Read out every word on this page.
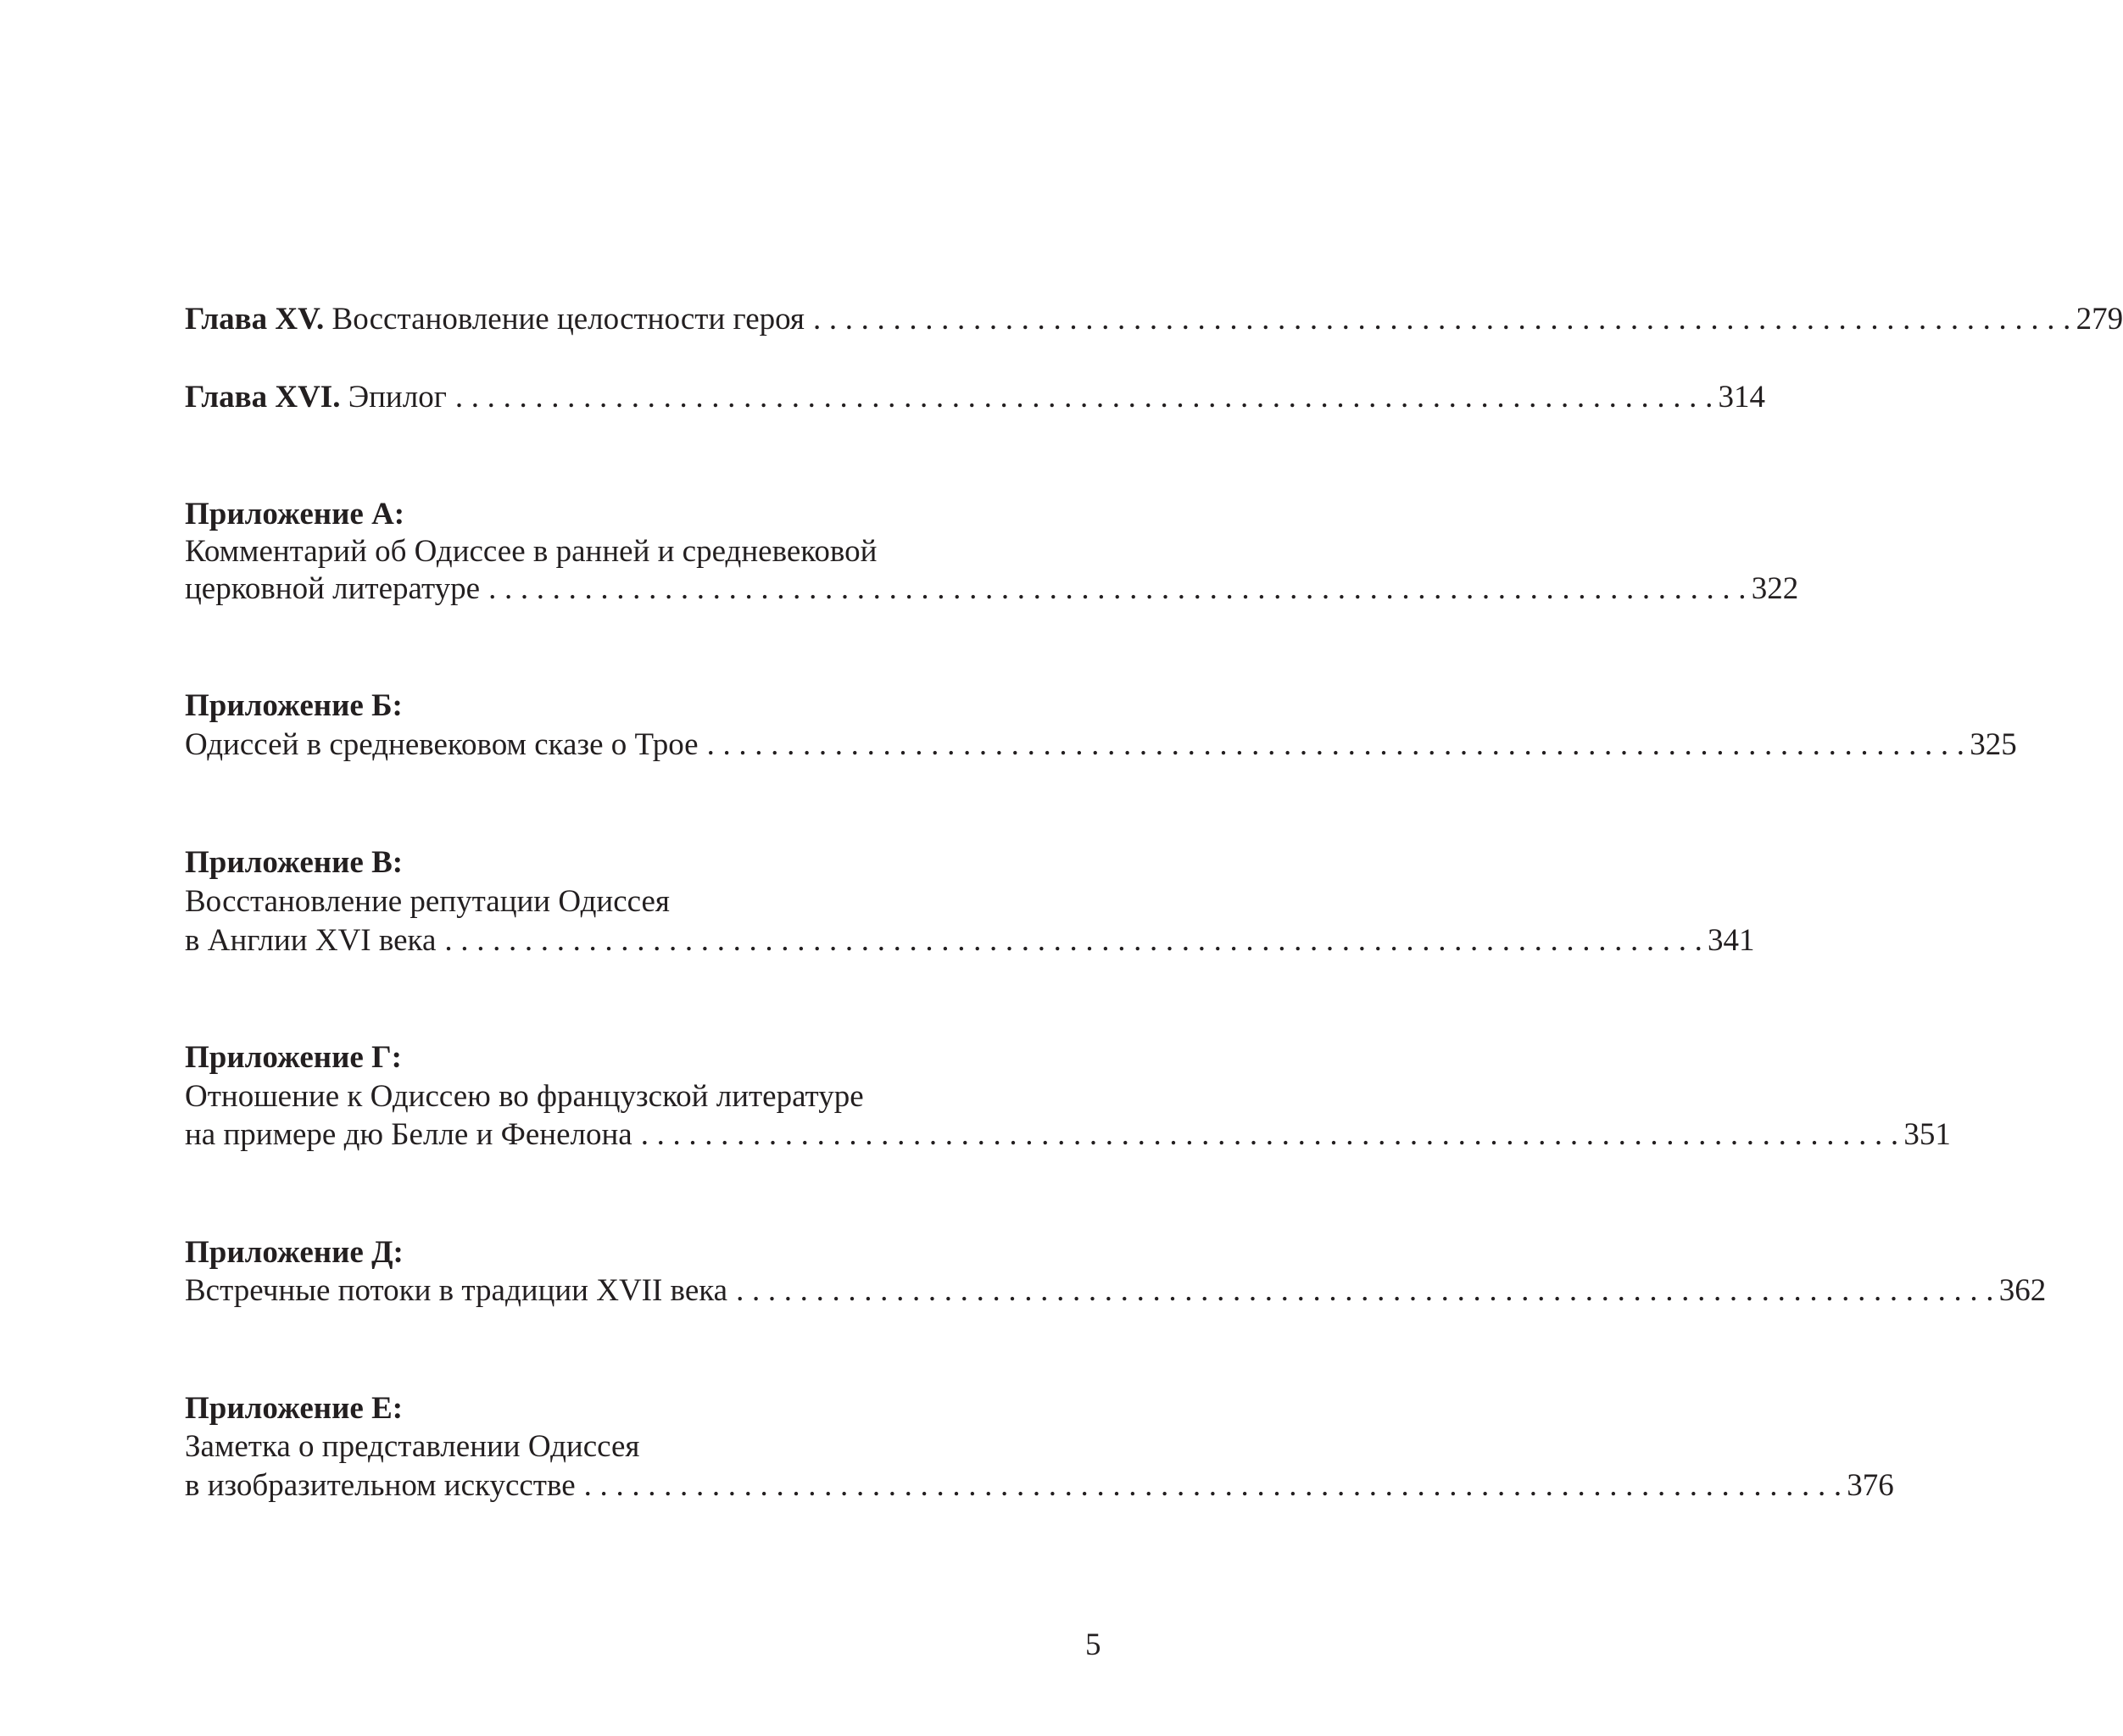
Глава XV. Восстановление целостности героя . . . . . . . . . . . . . . . . . . . . . . . . . . . . . . . . . . . . . . . . . . . . . . . . . . . . . . . . . . . . . . . . . . . . . . . . . . . . . . . 279
Глава XVI. Эпилог . . . . . . . . . . . . . . . . . . . . . . . . . . . . . . . . . . . . . . . . . . . . . . . . . . . . . . . . . . . . . . . . . . . . . . . . . . . . . . . 314
Приложение А:
Комментарий об Одиссее в ранней и средневековой
церковной литературе . . . . . . . . . . . . . . . . . . . . . . . . . . . . . . . . . . . . . . . . . . . . . . . . . . . . . . . . . . . . . . . . . . . . . . . . . . . . . . . 322
Приложение Б:
Одиссей в средневековом сказе о Трое . . . . . . . . . . . . . . . . . . . . . . . . . . . . . . . . . . . . . . . . . . . . . . . . . . . . . . . . . . . . . . . . . . . . . . . . . . . . . . . 325
Приложение В:
Восстановление репутации Одиссея
в Англии XVI века . . . . . . . . . . . . . . . . . . . . . . . . . . . . . . . . . . . . . . . . . . . . . . . . . . . . . . . . . . . . . . . . . . . . . . . . . . . . . . . 341
Приложение Г:
Отношение к Одиссею во французской литературе
на примере дю Белле и Фенелона . . . . . . . . . . . . . . . . . . . . . . . . . . . . . . . . . . . . . . . . . . . . . . . . . . . . . . . . . . . . . . . . . . . . . . . . . . . . . . . 351
Приложение Д:
Встречные потоки в традиции XVII века . . . . . . . . . . . . . . . . . . . . . . . . . . . . . . . . . . . . . . . . . . . . . . . . . . . . . . . . . . . . . . . . . . . . . . . . . . . . . . . 362
Приложение Е:
Заметка о представлении Одиссея
в изобразительном искусстве . . . . . . . . . . . . . . . . . . . . . . . . . . . . . . . . . . . . . . . . . . . . . . . . . . . . . . . . . . . . . . . . . . . . . . . . . . . . . . . 376
5
